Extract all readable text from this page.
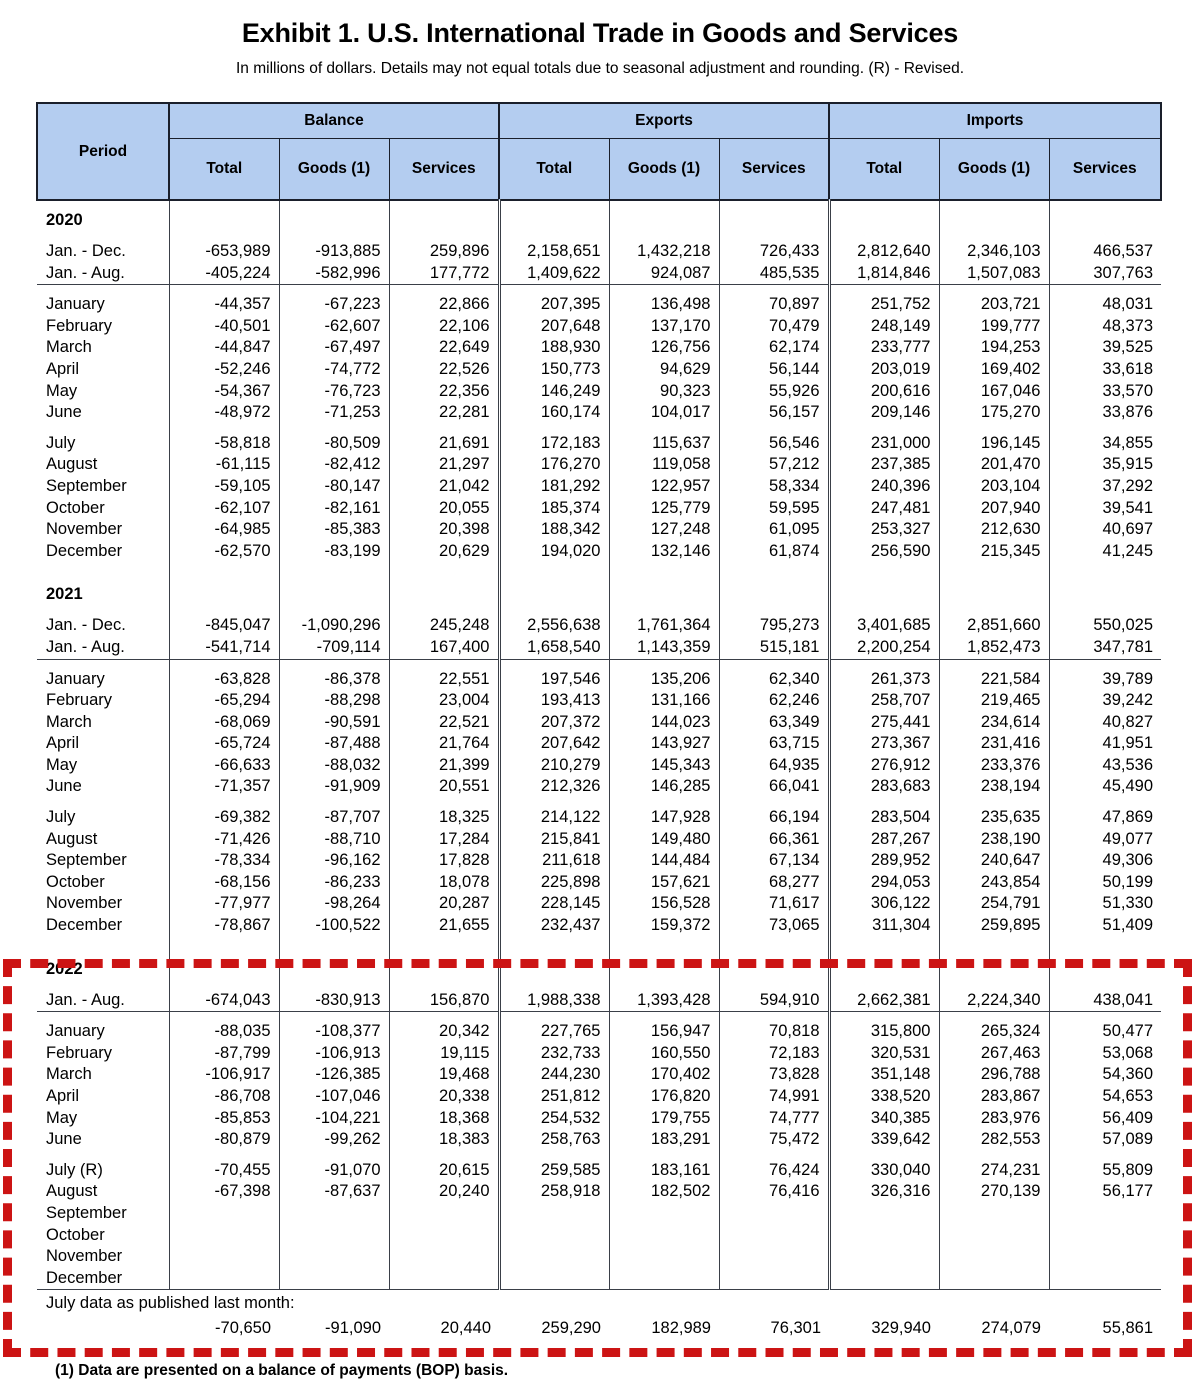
Exhibit 1. U.S. International Trade in Goods and Services
In millions of dollars. Details may not equal totals due to seasonal adjustment and rounding. (R) - Revised.
Period	Balance			Exports			Imports		
	Total	Goods (1)	Services	Total	Goods (1)	Services	Total	Goods (1)	Services
2020									
Jan. - Dec.	-653,989	-913,885	259,896	2,158,651	1,432,218	726,433	2,812,640	2,346,103	466,537
Jan. - Aug.	-405,224	-582,996	177,772	1,409,622	924,087	485,535	1,814,846	1,507,083	307,763

January	-44,357	-67,223	22,866	207,395	136,498	70,897	251,752	203,721	48,031
February	-40,501	-62,607	22,106	207,648	137,170	70,479	248,149	199,777	48,373
March	-44,847	-67,497	22,649	188,930	126,756	62,174	233,777	194,253	39,525
April	-52,246	-74,772	22,526	150,773	94,629	56,144	203,019	169,402	33,618
May	-54,367	-76,723	22,356	146,249	90,323	55,926	200,616	167,046	33,570
June	-48,972	-71,253	22,281	160,174	104,017	56,157	209,146	175,270	33,876

July	-58,818	-80,509	21,691	172,183	115,637	56,546	231,000	196,145	34,855
August	-61,115	-82,412	21,297	176,270	119,058	57,212	237,385	201,470	35,915
September	-59,105	-80,147	21,042	181,292	122,957	58,334	240,396	203,104	37,292
October	-62,107	-82,161	20,055	185,374	125,779	59,595	247,481	207,940	39,541
November	-64,985	-85,383	20,398	188,342	127,248	61,095	253,327	212,630	40,697
December	-62,570	-83,199	20,629	194,020	132,146	61,874	256,590	215,345	41,245

2021									
Jan. - Dec.	-845,047	-1,090,296	245,248	2,556,638	1,761,364	795,273	3,401,685	2,851,660	550,025
Jan. - Aug.	-541,714	-709,114	167,400	1,658,540	1,143,359	515,181	2,200,254	1,852,473	347,781

January	-63,828	-86,378	22,551	197,546	135,206	62,340	261,373	221,584	39,789
February	-65,294	-88,298	23,004	193,413	131,166	62,246	258,707	219,465	39,242
March	-68,069	-90,591	22,521	207,372	144,023	63,349	275,441	234,614	40,827
April	-65,724	-87,488	21,764	207,642	143,927	63,715	273,367	231,416	41,951
May	-66,633	-88,032	21,399	210,279	145,343	64,935	276,912	233,376	43,536
June	-71,357	-91,909	20,551	212,326	146,285	66,041	283,683	238,194	45,490

July	-69,382	-87,707	18,325	214,122	147,928	66,194	283,504	235,635	47,869
August	-71,426	-88,710	17,284	215,841	149,480	66,361	287,267	238,190	49,077
September	-78,334	-96,162	17,828	211,618	144,484	67,134	289,952	240,647	49,306
October	-68,156	-86,233	18,078	225,898	157,621	68,277	294,053	243,854	50,199
November	-77,977	-98,264	20,287	228,145	156,528	71,617	306,122	254,791	51,330
December	-78,867	-100,522	21,655	232,437	159,372	73,065	311,304	259,895	51,409

2022									
Jan. - Aug.	-674,043	-830,913	156,870	1,988,338	1,393,428	594,910	2,662,381	2,224,340	438,041

January	-88,035	-108,377	20,342	227,765	156,947	70,818	315,800	265,324	50,477
February	-87,799	-106,913	19,115	232,733	160,550	72,183	320,531	267,463	53,068
March	-106,917	-126,385	19,468	244,230	170,402	73,828	351,148	296,788	54,360
April	-86,708	-107,046	20,338	251,812	176,820	74,991	338,520	283,867	54,653
May	-85,853	-104,221	18,368	254,532	179,755	74,777	340,385	283,976	56,409
June	-80,879	-99,262	18,383	258,763	183,291	75,472	339,642	282,553	57,089

July (R)	-70,455	-91,070	20,615	259,585	183,161	76,424	330,040	274,231	55,809
August	-67,398	-87,637	20,240	258,918	182,502	76,416	326,316	270,139	56,177
September									
October									
November									
December									
July data as published last month:									
	-70,650	-91,090	20,440	259,290	182,989	76,301	329,940	274,079	55,861
(1) Data are presented on a balance of payments (BOP) basis.
